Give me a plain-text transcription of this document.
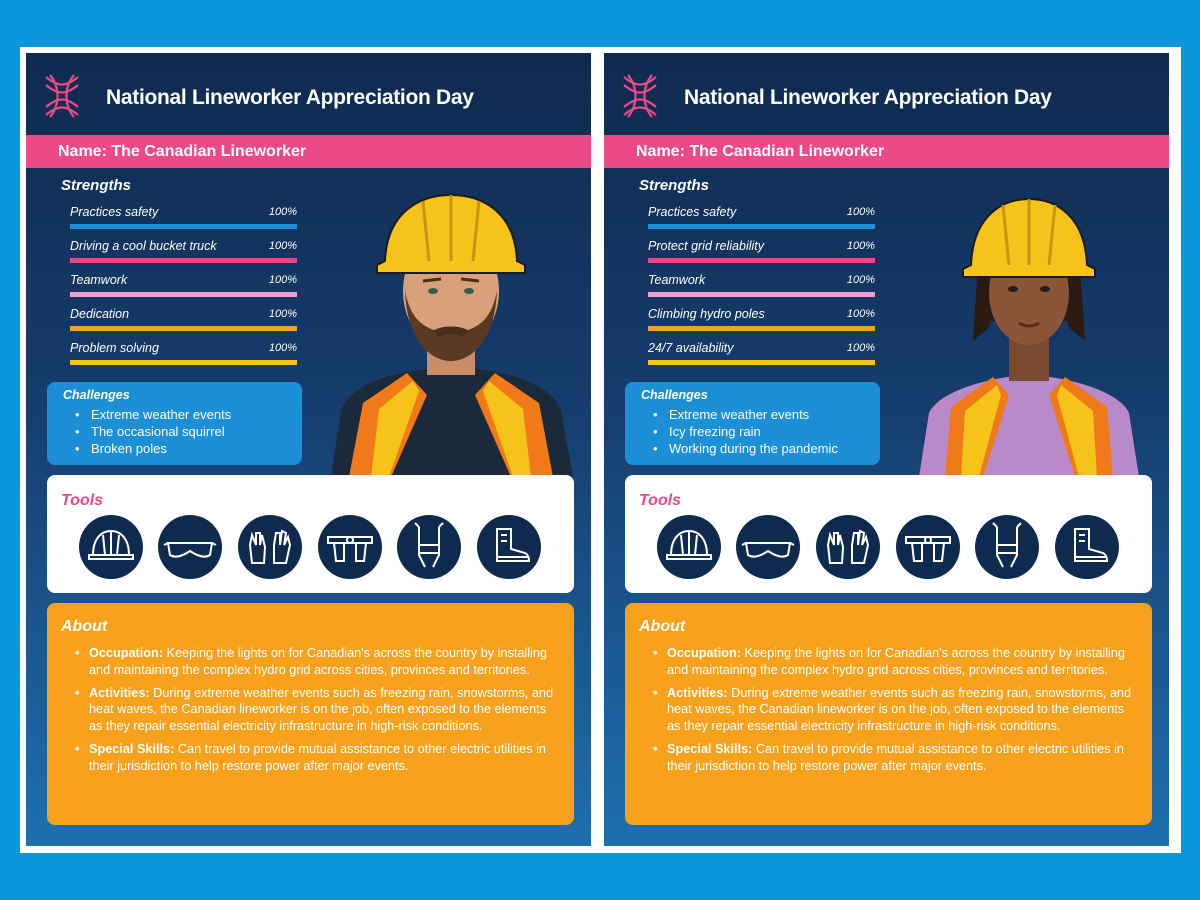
National Lineworker Appreciation Day
Name: The Canadian Lineworker
Strengths
Practices safety	100%
Driving a cool bucket truck	100%
Teamwork	100%
Dedication	100%
Problem solving	100%
Challenges
• Extreme weather events
• The occasional squirrel
• Broken poles
Tools
About
• Occupation: Keeping the lights on for Canadian's across the country by installing and maintaining the complex hydro grid across cities, provinces and territories.
• Activities: During extreme weather events such as freezing rain, snowstorms, and heat waves, the Canadian lineworker is on the job, often exposed to the elements as they repair essential electricity infrastructure in high-risk conditions.
• Special Skills: Can travel to provide mutual assistance to other electric utilities in their jurisdiction to help restore power after major events.
National Lineworker Appreciation Day
Name: The Canadian Lineworker
Strengths
Practices safety	100%
Protect grid reliability	100%
Teamwork	100%
Climbing hydro poles	100%
24/7 availability	100%
Challenges
• Extreme weather events
• Icy freezing rain
• Working during the pandemic
Tools
About
• Occupation: Keeping the lights on for Canadian's across the country by installing and maintaining the complex hydro grid across cities, provinces and territories.
• Activities: During extreme weather events such as freezing rain, snowstorms, and heat waves, the Canadian lineworker is on the job, often exposed to the elements as they repair essential electricity infrastructure in high-risk conditions.
• Special Skills: Can travel to provide mutual assistance to other electric utilities in their jurisdiction to help restore power after major events.
